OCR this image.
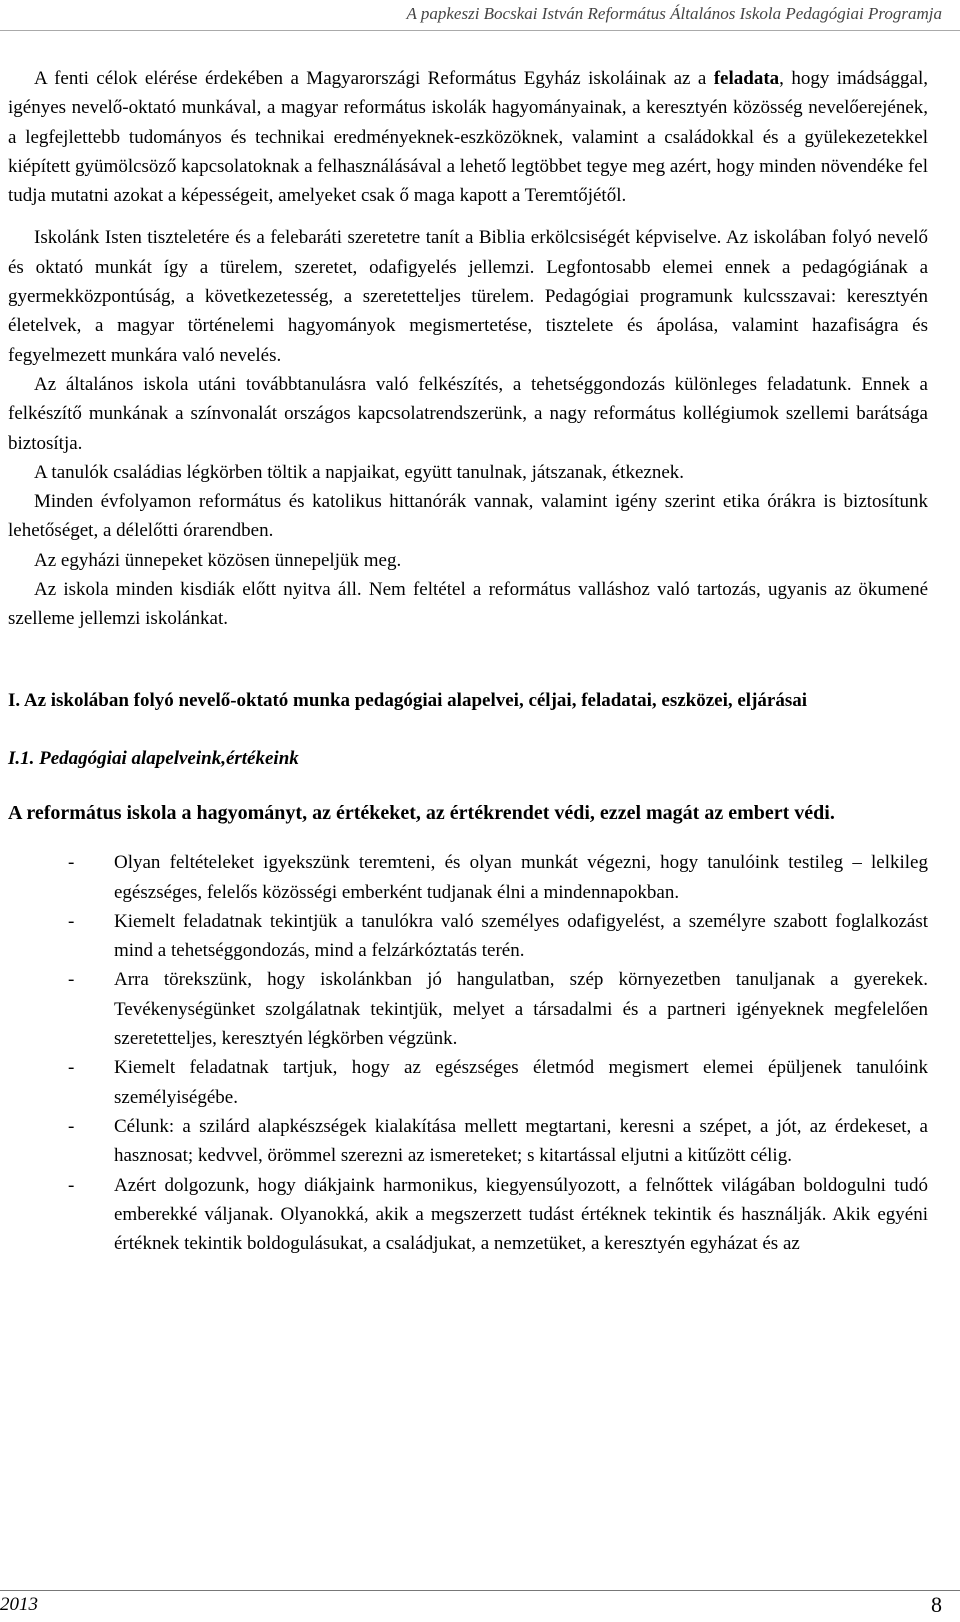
A papkeszi Bocskai István Református Általános Iskola Pedagógiai Programja

A fenti célok elérése érdekében a Magyarországi Református Egyház iskoláinak az a feladata, hogy imádsággal, igényes nevelő-oktató munkával, a magyar református iskolák hagyományainak, a keresztyén közösség nevelőerejének, a legfejlettebb tudományos és technikai eredményeknek-eszközöknek, valamint a családokkal és a gyülekezetekkel kiépített gyümölcsöző kapcsolatoknak a felhasználásával a lehető legtöbbet tegye meg azért, hogy minden növendéke fel tudja mutatni azokat a képességeit, amelyeket csak ő maga kapott a Teremtőjétől.

Iskolánk Isten tiszteletére és a felebaráti szeretetre tanít a Biblia erkölcsiségét képviselve. Az iskolában folyó nevelő és oktató munkát így a türelem, szeretet, odafigyelés jellemzi. Legfontosabb elemei ennek a pedagógiának a gyermekközpontúság, a következetesség, a szeretetteljes türelem. Pedagógiai programunk kulcsszavai: keresztyén életelvek, a magyar történelemi hagyományok megismertetése, tisztelete és ápolása, valamint hazafiságra és fegyelmezett munkára való nevelés.

Az általános iskola utáni továbbtanulásra való felkészítés, a tehetséggondozás különleges feladatunk. Ennek a felkészítő munkának a színvonalát országos kapcsolatrendszerünk, a nagy református kollégiumok szellemi barátsága biztosítja.

A tanulók családias légkörben töltik a napjaikat, együtt tanulnak, játszanak, étkeznek.

Minden évfolyamon református és katolikus hittanórák vannak, valamint igény szerint etika órákra is biztosítunk lehetőséget, a délelőtti órarendben.

Az egyházi ünnepeket közösen ünnepeljük meg.

Az iskola minden kisdiák előtt nyitva áll. Nem feltétel a református valláshoz való tartozás, ugyanis az ökumené szelleme jellemzi iskolánkat.

I. Az iskolában folyó nevelő-oktató munka pedagógiai alapelvei, céljai, feladatai, eszközei, eljárásai

I.1. Pedagógiai alapelveink,értékeink

A református iskola a hagyományt, az értékeket, az értékrendet védi, ezzel magát az embert védi.

- Olyan feltételeket igyekszünk teremteni, és olyan munkát végezni, hogy tanulóink testileg – lelkileg egészséges, felelős közösségi emberként tudjanak élni a mindennapokban.
- Kiemelt feladatnak tekintjük a tanulókra való személyes odafigyelést, a személyre szabott foglalkozást mind a tehetséggondozás, mind a felzárkóztatás terén.
- Arra törekszünk, hogy iskolánkban jó hangulatban, szép környezetben tanuljanak a gyerekek. Tevékenységünket szolgálatnak tekintjük, melyet a társadalmi és a partneri igényeknek megfelelően szeretetteljes, keresztyén légkörben végzünk.
- Kiemelt feladatnak tartjuk, hogy az egészséges életmód megismert elemei épüljenek tanulóink személyiségébe.
- Célunk: a szilárd alapkészségek kialakítása mellett megtartani, keresni a szépet, a jót, az érdekeset, a hasznosat; kedvvel, örömmel szerezni az ismereteket; s kitartással eljutni a kitűzött célig.
- Azért dolgozunk, hogy diákjaink harmonikus, kiegyensúlyozott, a felnőttek világában boldogulni tudó emberekké váljanak. Olyanokká, akik a megszerzett tudást értéknek tekintik és használják. Akik egyéni értéknek tekintik boldogulásukat, a családjukat, a nemzetüket, a keresztyén egyházat és az
2013	8
